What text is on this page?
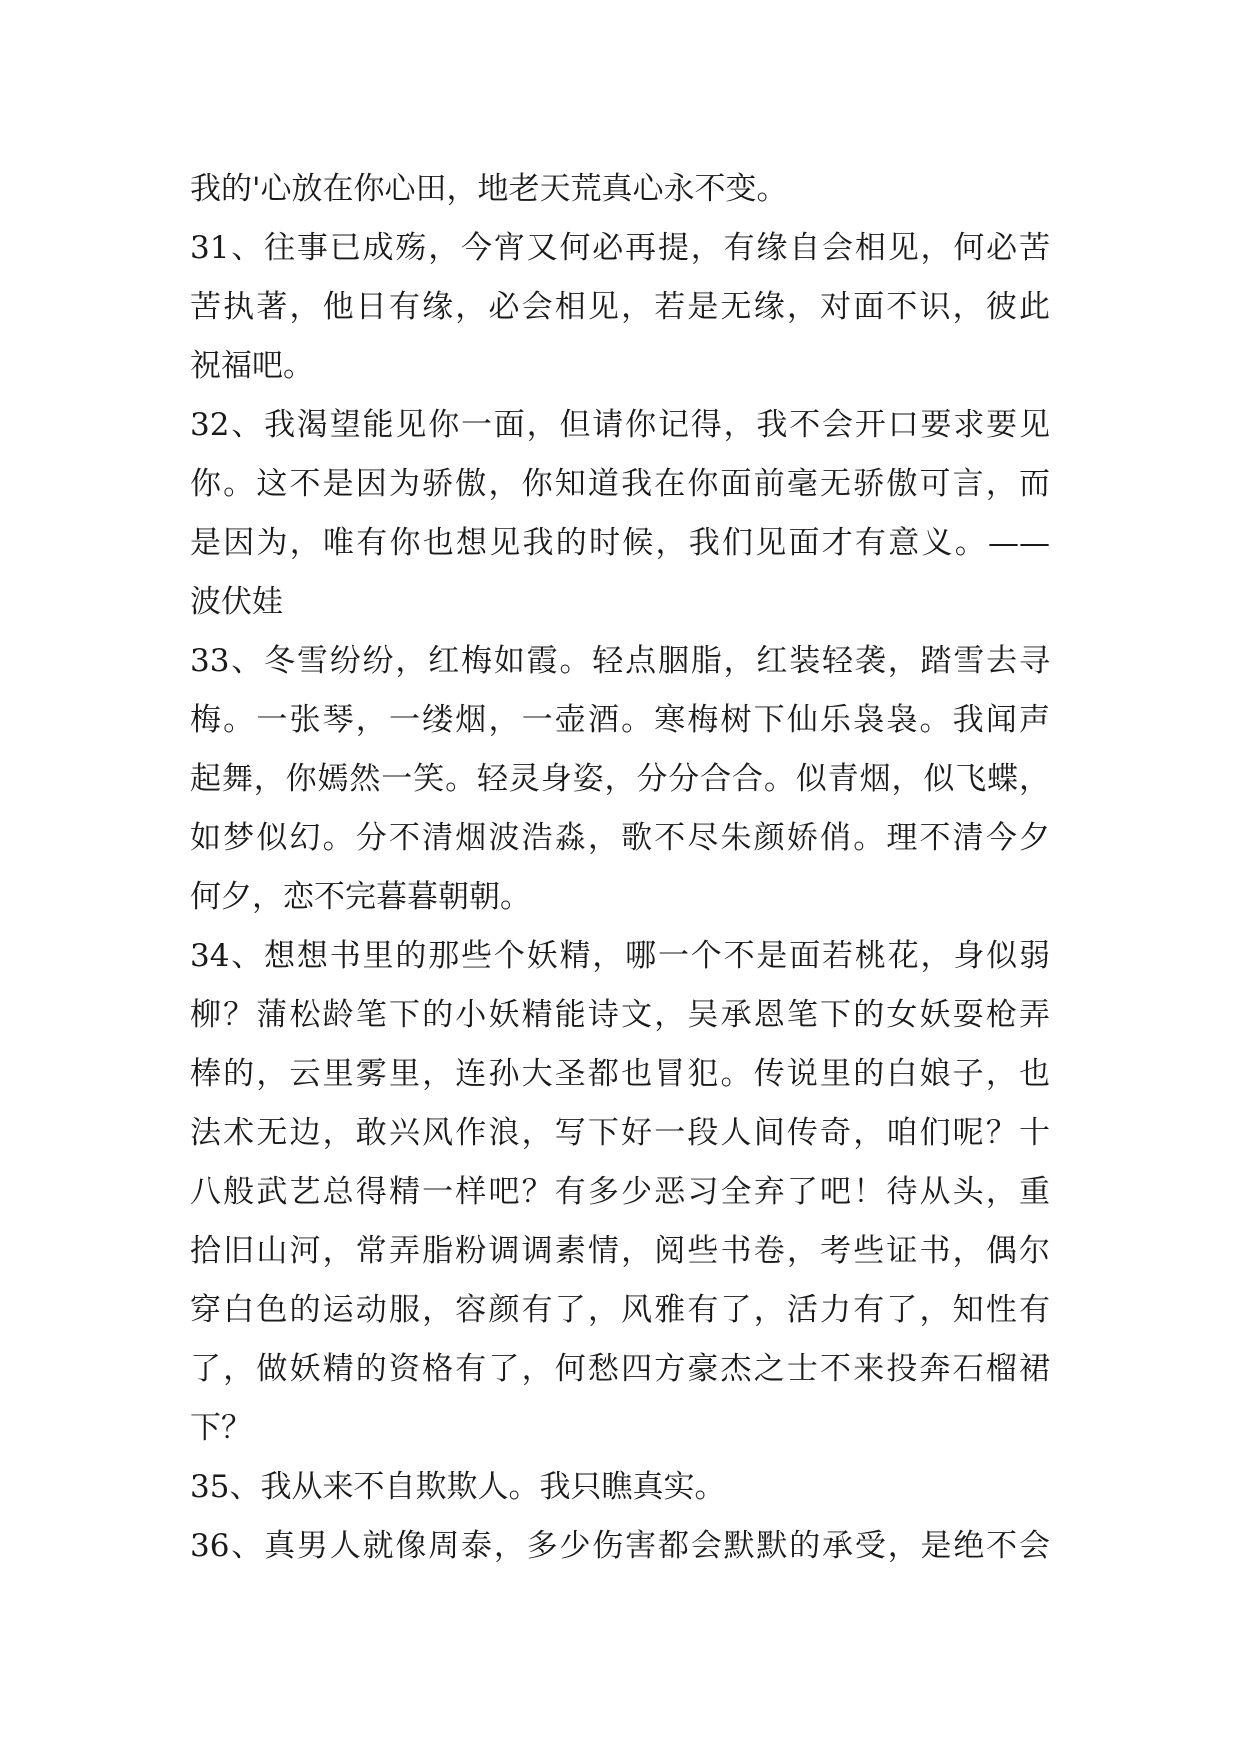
我的'心放在你心田，地老天荒真心永不变。
31、往事已成殇，今宵又何必再提，有缘自会相见，何必苦
苦执著，他日有缘，必会相见，若是无缘，对面不识，彼此
祝福吧。
32、我渴望能见你一面，但请你记得，我不会开口要求要见
你。这不是因为骄傲，你知道我在你面前毫无骄傲可言，而
是因为，唯有你也想见我的时候，我们见面才有意义。——
波伏娃
33、冬雪纷纷，红梅如霞。轻点胭脂，红装轻袭，踏雪去寻
梅。一张琴，一缕烟，一壶酒。寒梅树下仙乐袅袅。我闻声
起舞，你嫣然一笑。轻灵身姿，分分合合。似青烟，似飞蝶，
如梦似幻。分不清烟波浩淼，歌不尽朱颜娇俏。理不清今夕
何夕，恋不完暮暮朝朝。
34、想想书里的那些个妖精，哪一个不是面若桃花，身似弱
柳？蒲松龄笔下的小妖精能诗文，吴承恩笔下的女妖耍枪弄
棒的，云里雾里，连孙大圣都也冒犯。传说里的白娘子，也
法术无边，敢兴风作浪，写下好一段人间传奇，咱们呢？十
八般武艺总得精一样吧？有多少恶习全弃了吧！待从头，重
拾旧山河，常弄脂粉调调素情，阅些书卷，考些证书，偶尔
穿白色的运动服，容颜有了，风雅有了，活力有了，知性有
了，做妖精的资格有了，何愁四方豪杰之士不来投奔石榴裙
下？
35、我从来不自欺欺人。我只瞧真实。
36、真男人就像周泰，多少伤害都会默默的承受，是绝不会
